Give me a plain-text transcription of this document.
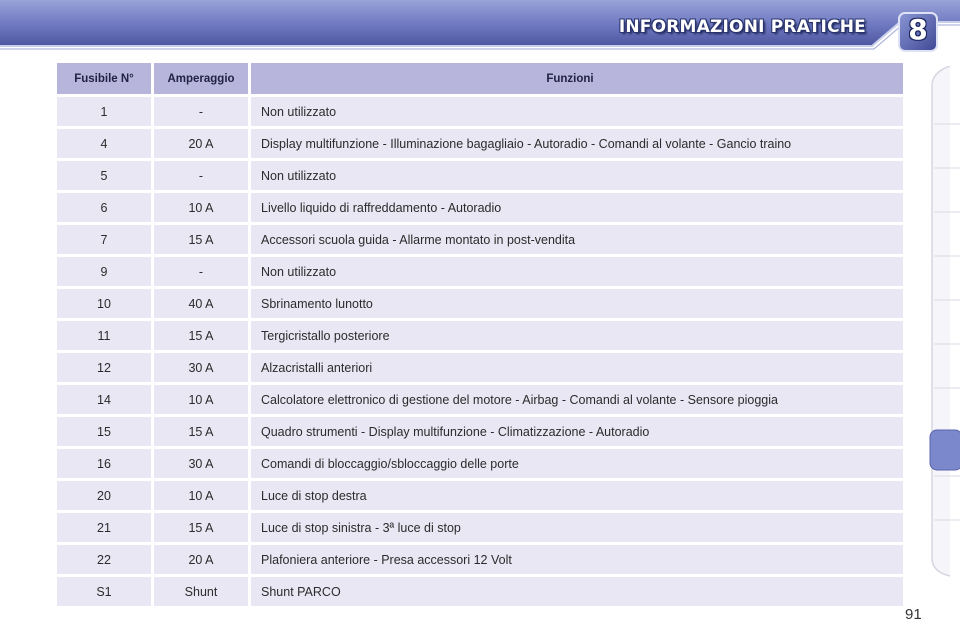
INFORMAZIONI PRATICHE	8
Fusibile N°	Amperaggio	Funzioni
1	-	Non utilizzato
4	20 A	Display multifunzione - Illuminazione bagagliaio - Autoradio - Comandi al volante - Gancio traino
5	-	Non utilizzato
6	10 A	Livello liquido di raffreddamento - Autoradio
7	15 A	Accessori scuola guida - Allarme montato in post-vendita
9	-	Non utilizzato
10	40 A	Sbrinamento lunotto
11	15 A	Tergicristallo posteriore
12	30 A	Alzacristalli anteriori
14	10 A	Calcolatore elettronico di gestione del motore - Airbag - Comandi al volante - Sensore pioggia
15	15 A	Quadro strumenti - Display multifunzione - Climatizzazione - Autoradio
16	30 A	Comandi di bloccaggio/sbloccaggio delle porte
20	10 A	Luce di stop destra
21	15 A	Luce di stop sinistra - 3ª luce di stop
22	20 A	Plafoniera anteriore - Presa accessori 12 Volt
S1	Shunt	Shunt PARCO
91
